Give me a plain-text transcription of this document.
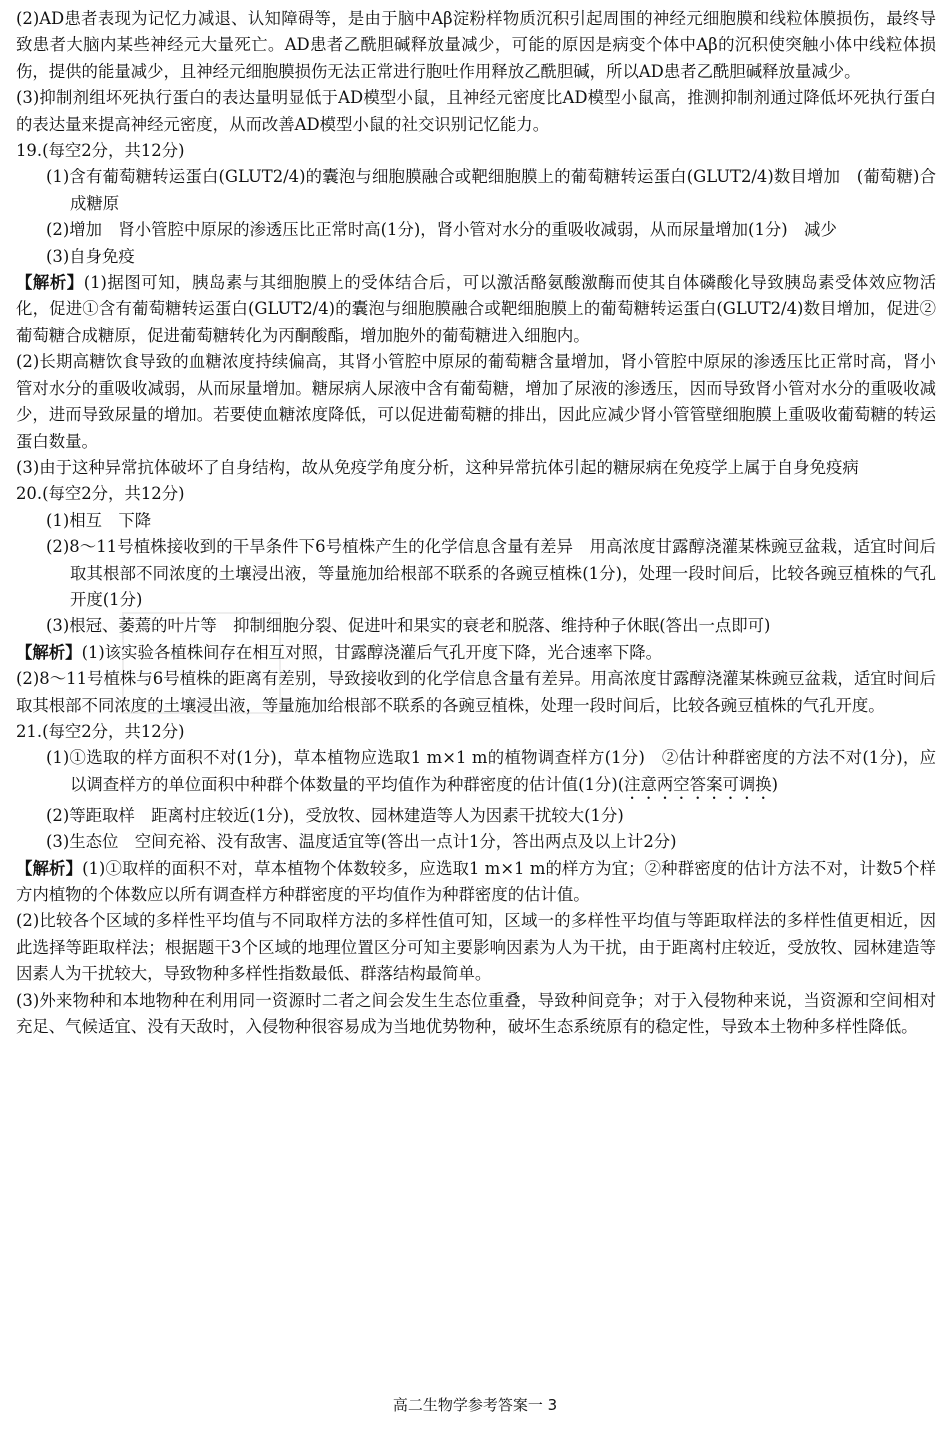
(2)AD患者表现为记忆力减退、认知障碍等，是由于脑中Aβ淀粉样物质沉积引起周围的神经元细胞膜和线粒体膜损伤，最终导致患者大脑内某些神经元大量死亡。AD患者乙酰胆碱释放量减少，可能的原因是病变个体中Aβ的沉积使突触小体中线粒体损伤，提供的能量减少，且神经元细胞膜损伤无法正常进行胞吐作用释放乙酰胆碱，所以AD患者乙酰胆碱释放量减少。

(3)抑制剂组坏死执行蛋白的表达量明显低于AD模型小鼠，且神经元密度比AD模型小鼠高，推测抑制剂通过降低坏死执行蛋白的表达量来提高神经元密度，从而改善AD模型小鼠的社交识别记忆能力。

19.(每空2分，共12分)

(1)含有葡萄糖转运蛋白(GLUT2/4)的囊泡与细胞膜融合或靶细胞膜上的葡萄糖转运蛋白(GLUT2/4)数目增加　(葡萄糖)合成糖原

(2)增加　肾小管腔中原尿的渗透压比正常时高(1分)，肾小管对水分的重吸收减弱，从而尿量增加(1分)　减少

(3)自身免疫

【解析】(1)据图可知，胰岛素与其细胞膜上的受体结合后，可以激活酪氨酸激酶而使其自体磷酸化导致胰岛素受体效应物活化，促进①含有葡萄糖转运蛋白(GLUT2/4)的囊泡与细胞膜融合或靶细胞膜上的葡萄糖转运蛋白(GLUT2/4)数目增加，促进②葡萄糖合成糖原，促进葡萄糖转化为丙酮酸酯，增加胞外的葡萄糖进入细胞内。

(2)长期高糖饮食导致的血糖浓度持续偏高，其肾小管腔中原尿的葡萄糖含量增加，肾小管腔中原尿的渗透压比正常时高，肾小管对水分的重吸收减弱，从而尿量增加。糖尿病人尿液中含有葡萄糖，增加了尿液的渗透压，因而导致肾小管对水分的重吸收减少，进而导致尿量的增加。若要使血糖浓度降低，可以促进葡萄糖的排出，因此应减少肾小管管壁细胞膜上重吸收葡萄糖的转运蛋白数量。

(3)由于这种异常抗体破坏了自身结构，故从免疫学角度分析，这种异常抗体引起的糖尿病在免疫学上属于自身免疫病

20.(每空2分，共12分)

(1)相互　下降

(2)8～11号植株接收到的干旱条件下6号植株产生的化学信息含量有差异　用高浓度甘露醇浇灌某株豌豆盆栽，适宜时间后取其根部不同浓度的土壤浸出液，等量施加给根部不联系的各豌豆植株(1分)，处理一段时间后，比较各豌豆植株的气孔开度(1分)

(3)根冠、萎蔫的叶片等　抑制细胞分裂、促进叶和果实的衰老和脱落、维持种子休眠(答出一点即可)

【解析】(1)该实验各植株间存在相互对照，甘露醇浇灌后气孔开度下降，光合速率下降。

(2)8～11号植株与6号植株的距离有差别，导致接收到的化学信息含量有差异。用高浓度甘露醇浇灌某株豌豆盆栽，适宜时间后取其根部不同浓度的土壤浸出液，等量施加给根部不联系的各豌豆植株，处理一段时间后，比较各豌豆植株的气孔开度。

21.(每空2分，共12分)

(1)①选取的样方面积不对(1分)，草本植物应选取1 m×1 m的植物调查样方(1分)　②估计种群密度的方法不对(1分)，应以调查样方的单位面积中种群个体数量的平均值作为种群密度的估计值(1分)(注意两空答案可调换)

(2)等距取样　距离村庄较近(1分)，受放牧、园林建造等人为因素干扰较大(1分)

(3)生态位　空间充裕、没有敌害、温度适宜等(答出一点计1分，答出两点及以上计2分)

【解析】(1)①取样的面积不对，草本植物个体数较多，应选取1 m×1 m的样方为宜；②种群密度的估计方法不对，计数5个样方内植物的个体数应以所有调查样方种群密度的平均值作为种群密度的估计值。

(2)比较各个区域的多样性平均值与不同取样方法的多样性值可知，区域一的多样性平均值与等距取样法的多样性值更相近，因此选择等距取样法；根据题干3个区域的地理位置区分可知主要影响因素为人为干扰，由于距离村庄较近，受放牧、园林建造等因素人为干扰较大，导致物种多样性指数最低、群落结构最简单。

(3)外来物种和本地物种在利用同一资源时二者之间会发生生态位重叠，导致种间竞争；对于入侵物种来说，当资源和空间相对充足、气候适宜、没有天敌时，入侵物种很容易成为当地优势物种，破坏生态系统原有的稳定性，导致本土物种多样性降低。

高二生物学参考答案一 3
